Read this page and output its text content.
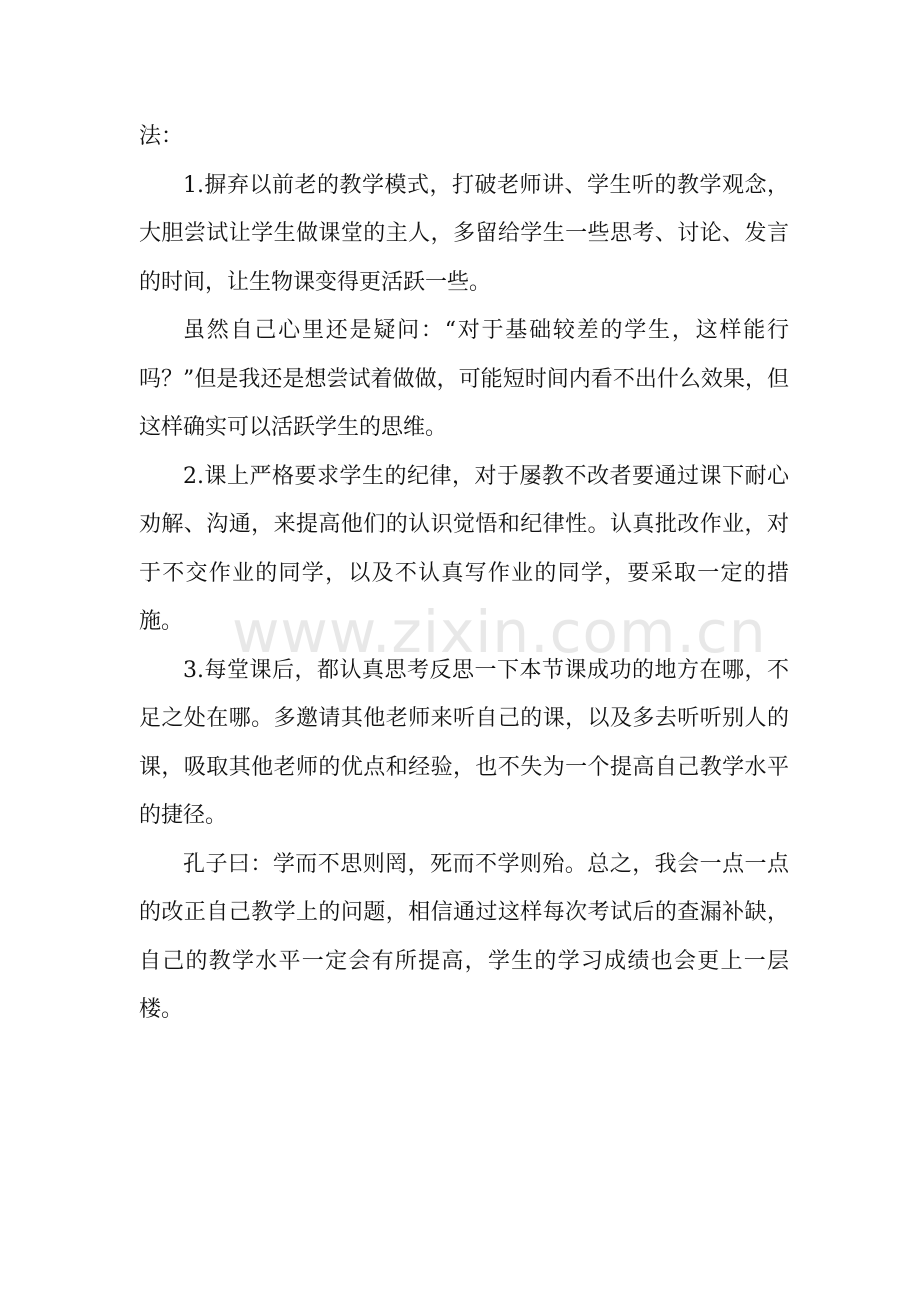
法：

1.摒弃以前老的教学模式，打破老师讲、学生听的教学观念，大胆尝试让学生做课堂的主人，多留给学生一些思考、讨论、发言的时间，让生物课变得更活跃一些。

虽然自己心里还是疑问：“对于基础较差的学生，这样能行吗？”但是我还是想尝试着做做，可能短时间内看不出什么效果，但这样确实可以活跃学生的思维。

2.课上严格要求学生的纪律，对于屡教不改者要通过课下耐心劝解、沟通，来提高他们的认识觉悟和纪律性。认真批改作业，对于不交作业的同学，以及不认真写作业的同学，要采取一定的措施。

3.每堂课后，都认真思考反思一下本节课成功的地方在哪，不足之处在哪。多邀请其他老师来听自己的课，以及多去听听别人的课，吸取其他老师的优点和经验，也不失为一个提高自己教学水平的捷径。

孔子曰：学而不思则罔，死而不学则殆。总之，我会一点一点的改正自己教学上的问题，相信通过这样每次考试后的查漏补缺，自己的教学水平一定会有所提高，学生的学习成绩也会更上一层楼。

www.zixin.com.cn
